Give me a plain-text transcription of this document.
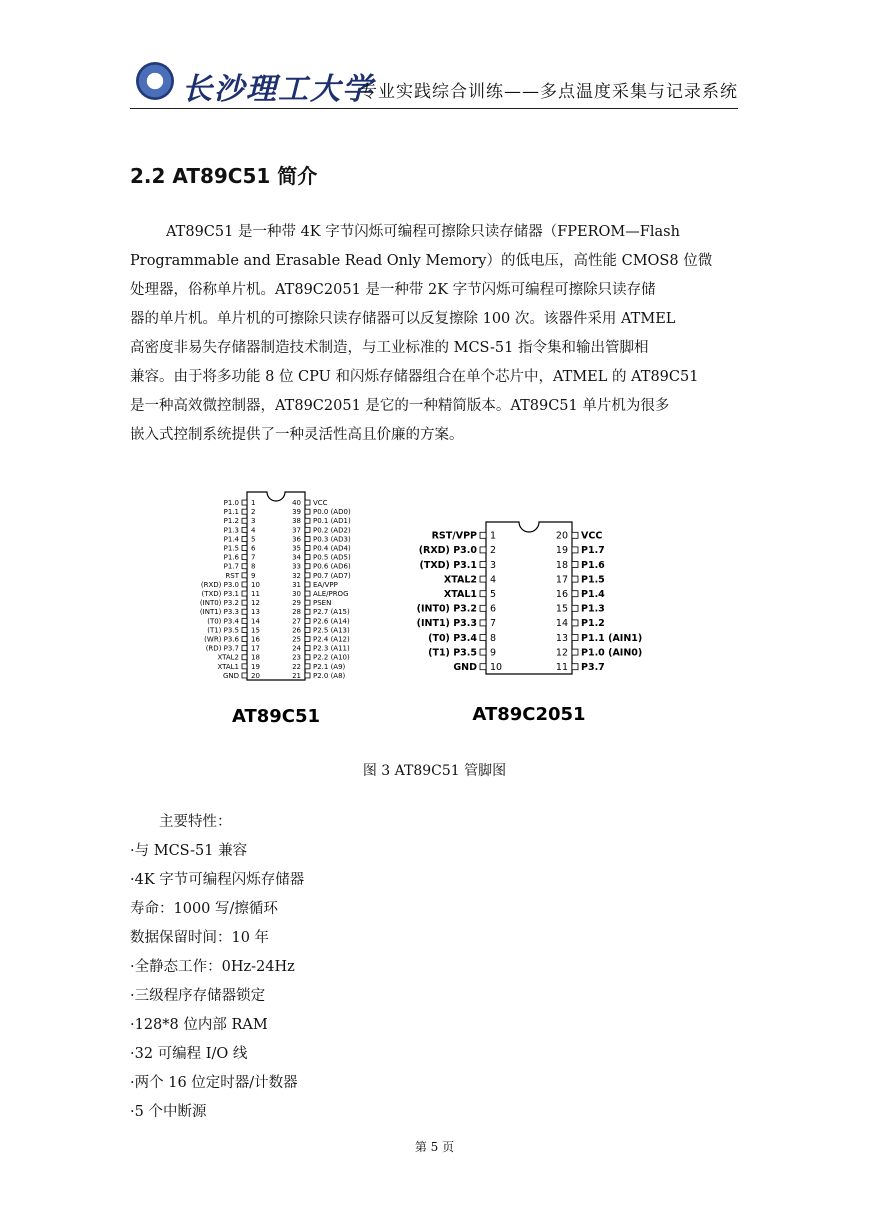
长沙理工大学
专业实践综合训练——多点温度采集与记录系统
2.2 AT89C51 简介

AT89C51 是一种带 4K 字节闪烁可编程可擦除只读存储器（FPEROM—Flash

Programmable and Erasable Read Only Memory）的低电压，高性能 CMOS8 位微

处理器，俗称单片机。AT89C2051 是一种带 2K 字节闪烁可编程可擦除只读存储

器的单片机。单片机的可擦除只读存储器可以反复擦除 100 次。该器件采用 ATMEL

高密度非易失存储器制造技术制造，与工业标准的 MCS-51 指令集和输出管脚相

兼容。由于将多功能 8 位 CPU 和闪烁存储器组合在单个芯片中，ATMEL 的 AT89C51

是一种高效微控制器，AT89C2051 是它的一种精简版本。AT89C51 单片机为很多

嵌入式控制系统提供了一种灵活性高且价廉的方案。

1
P1.0	40 VCC
2
P1.1	39 P0.0 (AD0)
3
P1.2	38 P0.1 (AD1)
4
P1.3	37 P0.2 (AD2)
5
P1.4	36 P0.3 (AD3)
6
P1.5	35 P0.4 (AD4)
7
P1.6	34 P0.5 (AD5)
8
P1.7	33 P0.6 (AD6)
9
RST	32 P0.7 (AD7)
10
(RXD) P3.0	31 EA/VPP
11
(TXD) P3.1	30 ALE/PROG
12
(INT0) P3.2	29 PSEN
13
(INT1) P3.3	28 P2.7 (A15)
14
(T0) P3.4	27 P2.6 (A14)
15
(T1) P3.5	26 P2.5 (A13)
16
(WR) P3.6	25 P2.4 (A12)
17
(RD) P3.7	24 P2.3 (A11)
18
XTAL2	23 P2.2 (A10)
19
XTAL1	22 P2.1 (A9)
20
GND	21 P2.0 (A8)
AT89C51
1
RST/VPP	20 VCC
2
(RXD) P3.0	19 P1.7
3
(TXD) P3.1	18 P1.6
4
XTAL2	17 P1.5
5
XTAL1	16 P1.4
6
(INT0) P3.2	15 P1.3
7
(INT1) P3.3	14 P1.2
8
(T0) P3.4	13 P1.1 (AIN1)
9
(T1) P3.5	12 P1.0 (AIN0)
10
GND	11 P3.7
AT89C2051
图 3 AT89C51 管脚图
　　主要特性：
·与 MCS-51 兼容
·4K 字节可编程闪烁存储器
寿命：1000 写/擦循环
数据保留时间：10 年
·全静态工作：0Hz-24Hz
·三级程序存储器锁定
·128*8 位内部 RAM
·32 可编程 I/O 线
·两个 16 位定时器/计数器
·5 个中断源
第 5 页
